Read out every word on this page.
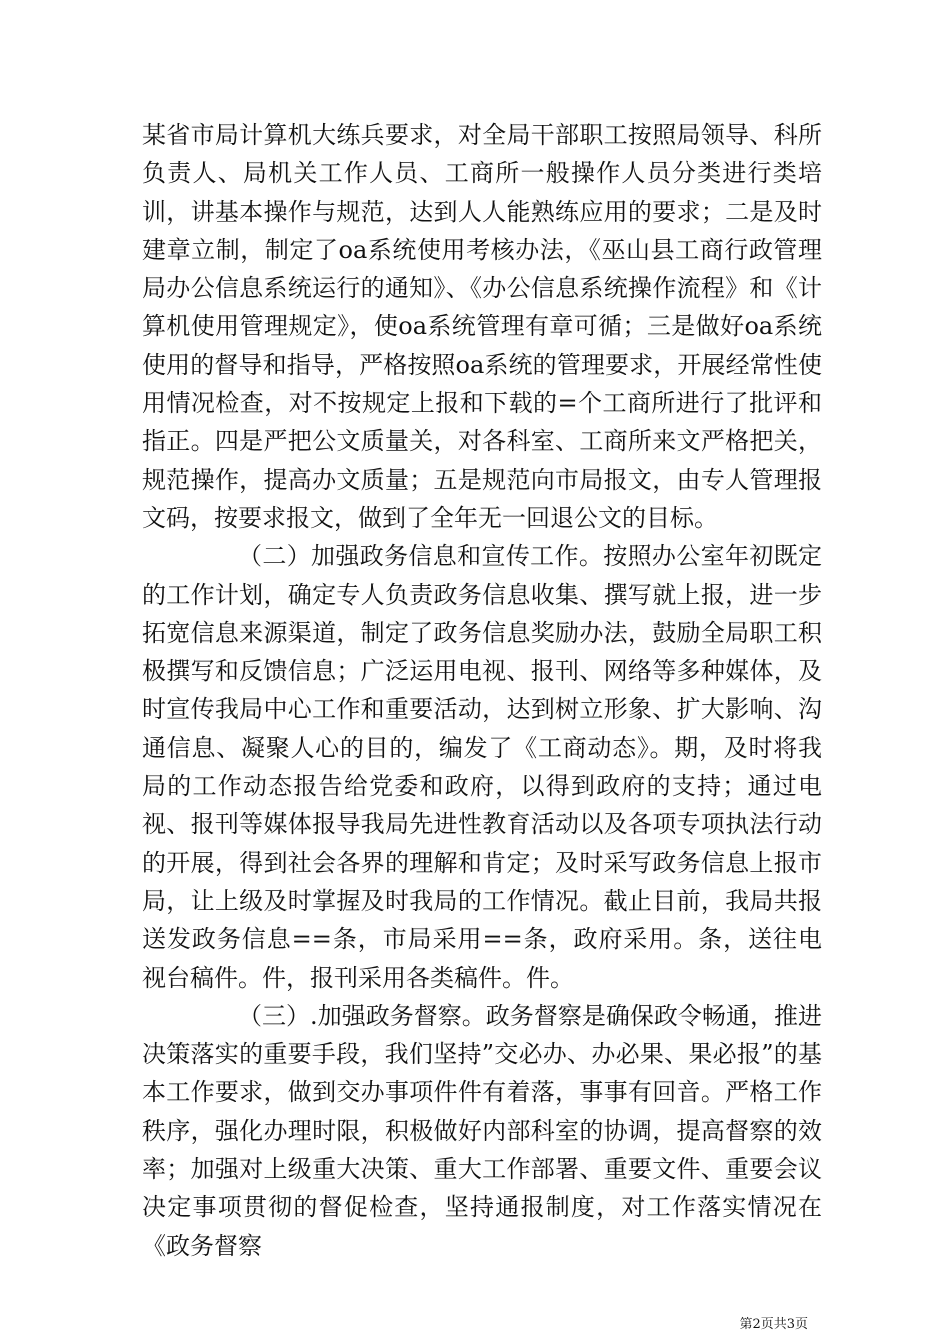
某省市局计算机大练兵要求，对全局干部职工按照局领导、科所负责人、局机关工作人员、工商所一般操作人员分类进行类培训，讲基本操作与规范，达到人人能熟练应用的要求；二是及时建章立制，制定了oa系统使用考核办法，《巫山县工商行政管理局办公信息系统运行的通知》、《办公信息系统操作流程》和《计算机使用管理规定》，使oa系统管理有章可循；三是做好oa系统使用的督导和指导，严格按照oa系统的管理要求，开展经常性使用情况检查，对不按规定上报和下载的=个工商所进行了批评和指正。四是严把公文质量关，对各科室、工商所来文严格把关，规范操作，提高办文质量；五是规范向市局报文，由专人管理报文码，按要求报文，做到了全年无一回退公文的目标。

（二）加强政务信息和宣传工作。按照办公室年初既定的工作计划，确定专人负责政务信息收集、撰写就上报，进一步拓宽信息来源渠道，制定了政务信息奖励办法，鼓励全局职工积极撰写和反馈信息；广泛运用电视、报刊、网络等多种媒体，及时宣传我局中心工作和重要活动，达到树立形象、扩大影响、沟通信息、凝聚人心的目的，编发了《工商动态》。期，及时将我局的工作动态报告给党委和政府，以得到政府的支持；通过电视、报刊等媒体报导我局先进性教育活动以及各项专项执法行动的开展，得到社会各界的理解和肯定；及时采写政务信息上报市局，让上级及时掌握及时我局的工作情况。截止目前，我局共报送发政务信息==条，市局采用==条，政府采用。条，送往电视台稿件。件，报刊采用各类稿件。件。

（三）.加强政务督察。政务督察是确保政令畅通，推进决策落实的重要手段，我们坚持”交必办、办必果、果必报”的基本工作要求，做到交办事项件件有着落，事事有回音。严格工作秩序，强化办理时限，积极做好内部科室的协调，提高督察的效率；加强对上级重大决策、重大工作部署、重要文件、重要会议决定事项贯彻的督促检查，坚持通报制度，对工作落实情况在《政务督察

第2页共3页
